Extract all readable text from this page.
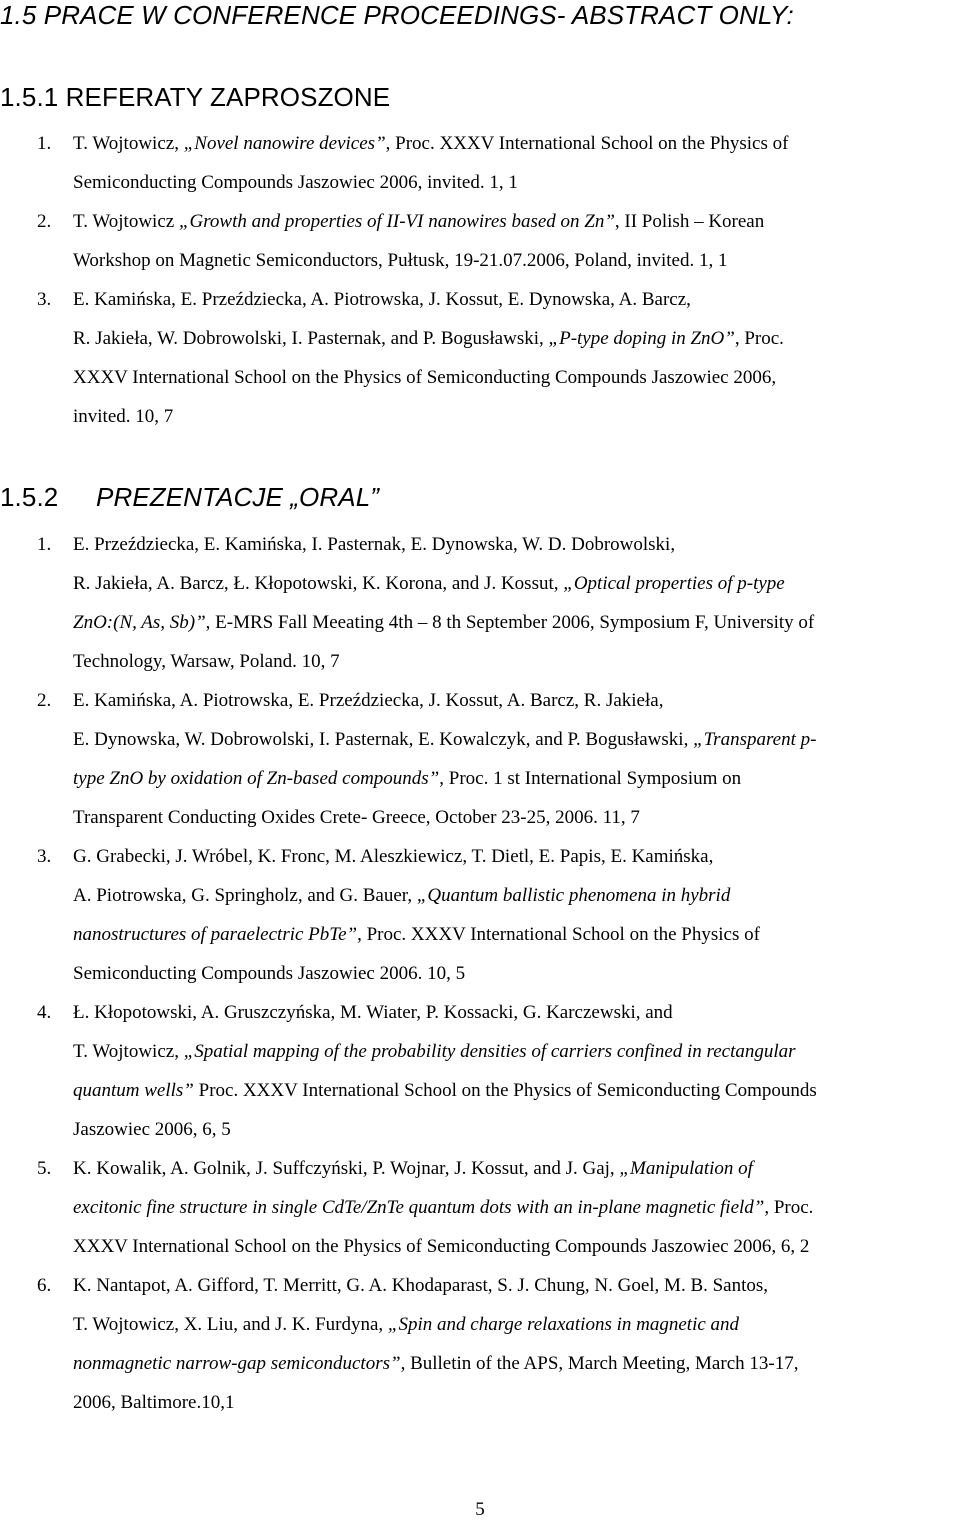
1.5 PRACE W CONFERENCE PROCEEDINGS- ABSTRACT ONLY:
1.5.1 REFERATY ZAPROSZONE
1. T. Wojtowicz, „Novel nanowire devices”, Proc. XXXV International School on the Physics of
Semiconducting Compounds Jaszowiec 2006, invited. 1, 1
2. T. Wojtowicz „Growth and properties of II-VI nanowires based on Zn”, II Polish – Korean
Workshop on Magnetic Semiconductors, Pułtusk, 19-21.07.2006, Poland, invited. 1, 1
3. E. Kamińska, E. Przeździecka, A. Piotrowska, J. Kossut, E. Dynowska, A. Barcz,
R. Jakieła, W. Dobrowolski, I. Pasternak, and P. Bogusławski, „P-type doping in ZnO”, Proc.
XXXV International School on the Physics of Semiconducting Compounds Jaszowiec 2006,
invited. 10, 7
1.5.2 PREZENTACJE „ORAL”
1. E. Przeździecka, E. Kamińska, I. Pasternak, E. Dynowska, W. D. Dobrowolski,
R. Jakieła, A. Barcz, Ł. Kłopotowski, K. Korona, and J. Kossut, „Optical properties of p-type
ZnO:(N, As, Sb)”, E-MRS Fall Meeating 4th – 8 th September 2006, Symposium F, University of
Technology, Warsaw, Poland. 10, 7
2. E. Kamińska, A. Piotrowska, E. Przeździecka, J. Kossut, A. Barcz, R. Jakieła,
E. Dynowska, W. Dobrowolski, I. Pasternak, E. Kowalczyk, and P. Bogusławski, „Transparent p-
type ZnO by oxidation of Zn-based compounds”, Proc. 1 st International Symposium on
Transparent Conducting Oxides Crete- Greece, October 23-25, 2006. 11, 7
3. G. Grabecki, J. Wróbel, K. Fronc, M. Aleszkiewicz, T. Dietl, E. Papis, E. Kamińska,
A. Piotrowska, G. Springholz, and G. Bauer, „Quantum ballistic phenomena in hybrid
nanostructures of paraelectric PbTe”, Proc. XXXV International School on the Physics of
Semiconducting Compounds Jaszowiec 2006. 10, 5
4. Ł. Kłopotowski, A. Gruszczyńska, M. Wiater, P. Kossacki, G. Karczewski, and
T. Wojtowicz, „Spatial mapping of the probability densities of carriers confined in rectangular
quantum wells” Proc. XXXV International School on the Physics of Semiconducting Compounds
Jaszowiec 2006, 6, 5
5. K. Kowalik, A. Golnik, J. Suffczyński, P. Wojnar, J. Kossut, and J. Gaj, „Manipulation of
excitonic fine structure in single CdTe/ZnTe quantum dots with an in-plane magnetic field”, Proc.
XXXV International School on the Physics of Semiconducting Compounds Jaszowiec 2006, 6, 2
6. K. Nantapot, A. Gifford, T. Merritt, G. A. Khodaparast, S. J. Chung, N. Goel, M. B. Santos,
T. Wojtowicz, X. Liu, and J. K. Furdyna, „Spin and charge relaxations in magnetic and
nonmagnetic narrow-gap semiconductors”, Bulletin of the APS, March Meeting, March 13-17,
2006, Baltimore.10,1
5
